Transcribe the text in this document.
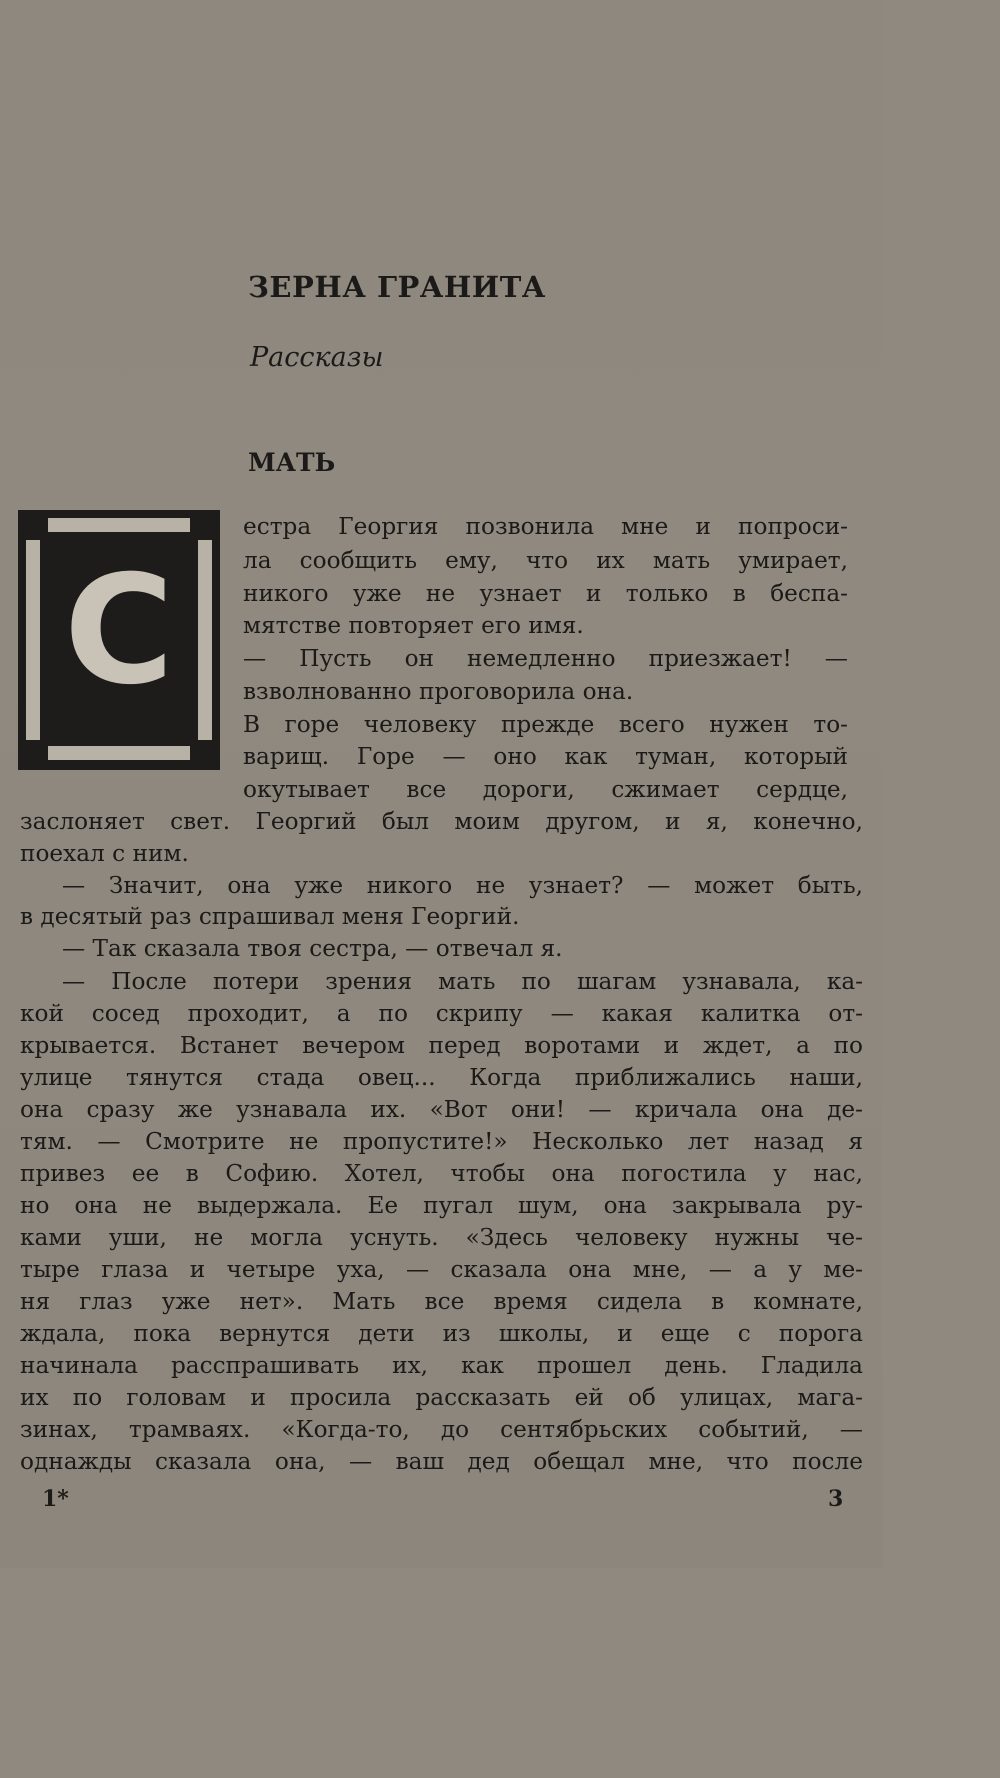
ЗЕРНА ГРАНИТА
Рассказы
МАТЬ
С
естра Георгия позвонила мне и попроси-
ла сообщить ему, что их мать умирает,
никого уже не узнает и только в беспа-
мятстве повторяет его имя.
— Пусть он немедленно приезжает! —
взволнованно проговорила она.
В горе человеку прежде всего нужен то-
варищ. Горе — оно как туман, который
окутывает все дороги, сжимает сердце,
заслоняет свет. Георгий был моим другом, и я, конечно,
поехал с ним.
— Значит, она уже никого не узнает? — может быть,
в десятый раз спрашивал меня Георгий.
— Так сказала твоя сестра, — отвечал я.
— После потери зрения мать по шагам узнавала, ка-
кой сосед проходит, а по скрипу — какая калитка от-
крывается. Встанет вечером перед воротами и ждет, а по
улице тянутся стада овец... Когда приближались наши,
она сразу же узнавала их. «Вот они! — кричала она де-
тям. — Смотрите не пропустите!» Несколько лет назад я
привез ее в Софию. Хотел, чтобы она погостила у нас,
но она не выдержала. Ее пугал шум, она закрывала ру-
ками уши, не могла уснуть. «Здесь человеку нужны че-
тыре глаза и четыре уха, — сказала она мне, — а у ме-
ня глаз уже нет». Мать все время сидела в комнате,
ждала, пока вернутся дети из школы, и еще с порога
начинала расспрашивать их, как прошел день. Гладила
их по головам и просила рассказать ей об улицах, мага-
зинах, трамваях. «Когда-то, до сентябрьских событий, —
однажды сказала она, — ваш дед обещал мне, что после
1*	3
